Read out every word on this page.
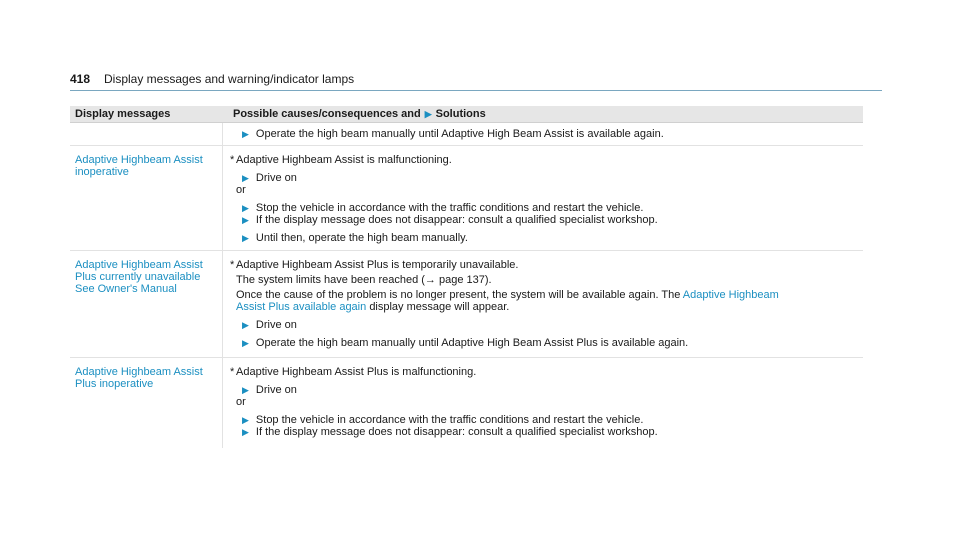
418 Display messages and warning/indicator lamps
Display messages	Possible causes/consequences and ▶ Solutions
▶ Operate the high beam manually until Adaptive High Beam Assist is available again.
Adaptive Highbeam Assist
inoperative
* Adaptive Highbeam Assist is malfunctioning.
▶ Drive on
or
▶ Stop the vehicle in accordance with the traffic conditions and restart the vehicle.
▶ If the display message does not disappear: consult a qualified specialist workshop.
▶ Until then, operate the high beam manually.
Adaptive Highbeam Assist
Plus currently unavailable
See Owner's Manual
* Adaptive Highbeam Assist Plus is temporarily unavailable.
The system limits have been reached (→ page 137).
Once the cause of the problem is no longer present, the system will be available again. The Adaptive Highbeam
Assist Plus available again display message will appear.
▶ Drive on
▶ Operate the high beam manually until Adaptive High Beam Assist Plus is available again.
Adaptive Highbeam Assist
Plus inoperative
* Adaptive Highbeam Assist Plus is malfunctioning.
▶ Drive on
or
▶ Stop the vehicle in accordance with the traffic conditions and restart the vehicle.
▶ If the display message does not disappear: consult a qualified specialist workshop.
